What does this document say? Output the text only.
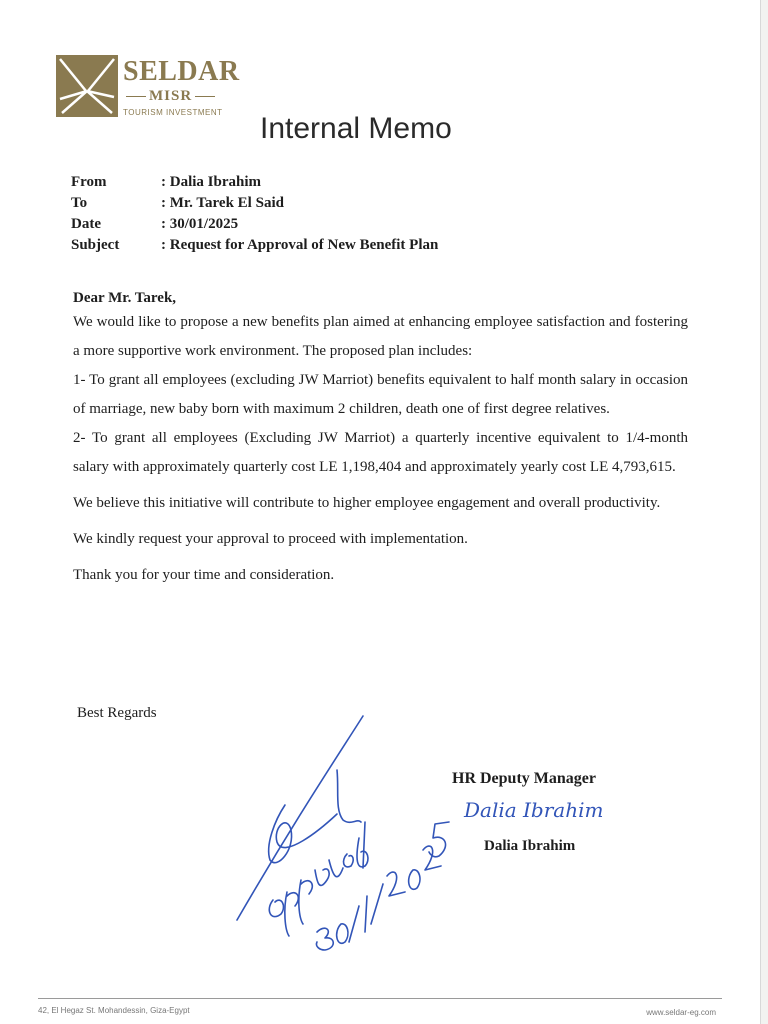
SELDAR
MISR
TOURISM INVESTMENT Internal Memo
From	: Dalia Ibrahim
To	: Mr. Tarek El Said
Date	: 30/01/2025
Subject	: Request for Approval of New Benefit Plan
Dear Mr. Tarek,

We would like to propose a new benefits plan aimed at enhancing employee satisfaction and fostering a more supportive work environment. The proposed plan includes:

1- To grant all employees (excluding JW Marriot) benefits equivalent to half month salary in occasion of marriage, new baby born with maximum 2 children, death one of first degree relatives.

2- To grant all employees (Excluding JW Marriot) a quarterly incentive equivalent to 1/4-month salary with approximately quarterly cost LE 1,198,404 and approximately yearly cost LE 4,793,615.

We believe this initiative will contribute to higher employee engagement and overall productivity.

We kindly request your approval to proceed with implementation.

Thank you for your time and consideration.

Best Regards
HR Deputy Manager
Dalia Ibrahim
Dalia Ibrahim
42, El Hegaz St. Mohandessin, Giza-Egypt	www.seldar-eg.com
